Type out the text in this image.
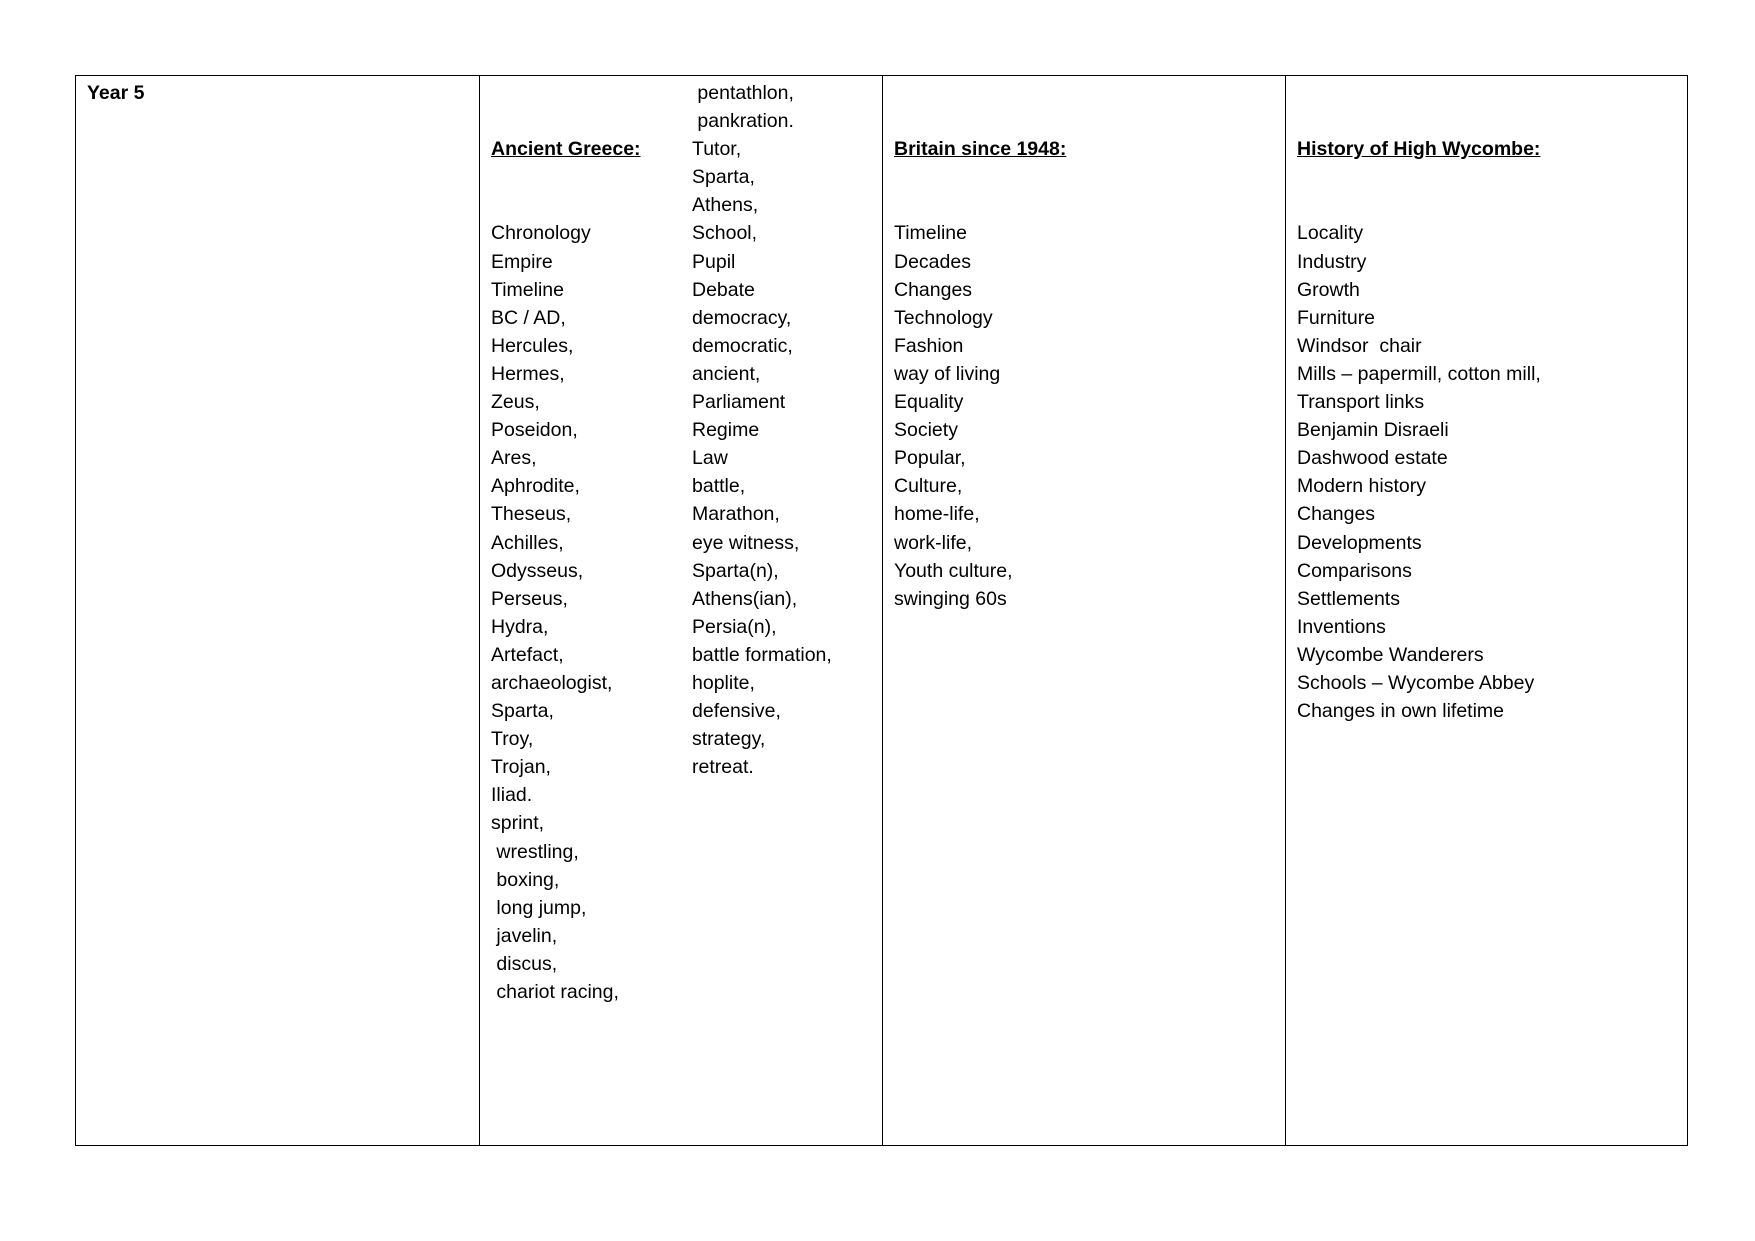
Year 5

Ancient Greece:

Chronology
Empire
Timeline
BC / AD,
Hercules,
Hermes,
Zeus,
Poseidon,
Ares,
Aphrodite,
Theseus,
Achilles,
Odysseus,
Perseus,
Hydra,
Artefact,
archaeologist,
Sparta,
Troy,
Trojan,
Iliad.
sprint,
wrestling,
boxing,
long jump,
javelin,
discus,
chariot racing,
pentathlon,
pankration.
Tutor,
Sparta,
Athens,
School,
Pupil
Debate
democracy,
democratic,
ancient,
Parliament
Regime
Law
battle,
Marathon,
eye witness,
Sparta(n),
Athens(ian),
Persia(n),
battle formation,
hoplite,
defensive,
strategy,
retreat.

Britain since 1948:

Timeline
Decades
Changes
Technology
Fashion
way of living
Equality
Society
Popular,
Culture,
home-life,
work-life,
Youth culture,
swinging 60s

History of High Wycombe:

Locality
Industry
Growth
Furniture
Windsor  chair
Mills – papermill, cotton mill,
Transport links
Benjamin Disraeli
Dashwood estate
Modern history
Changes
Developments
Comparisons
Settlements
Inventions
Wycombe Wanderers
Schools – Wycombe Abbey
Changes in own lifetime
